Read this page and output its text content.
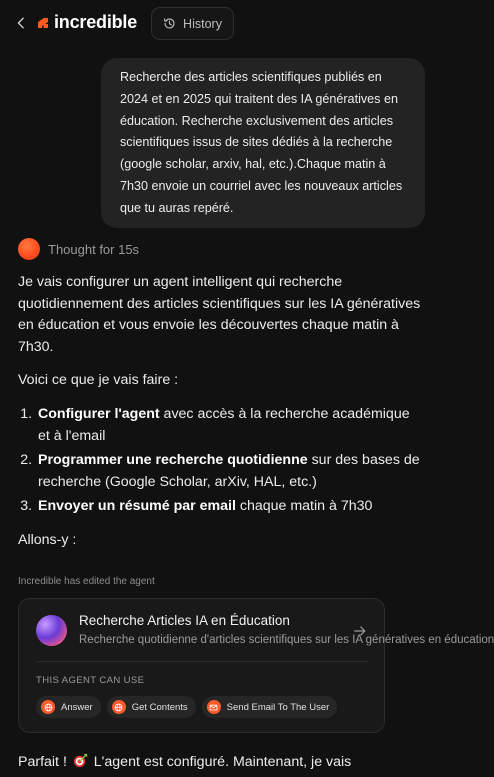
incredible	History
Recherche des articles scientifiques publiés en 2024 et en 2025 qui traitent des IA génératives en éducation. Recherche exclusivement des articles scientifiques issus de sites dédiés à la recherche (google scholar, arxiv, hal, etc.).Chaque matin à 7h30 envoie un courriel avec les nouveaux articles que tu auras repéré.
Thought for 15s

Je vais configurer un agent intelligent qui recherche quotidiennement des articles scientifiques sur les IA génératives en éducation et vous envoie les découvertes chaque matin à 7h30.

Voici ce que je vais faire :

1. Configurer l'agent avec accès à la recherche académique et à l'email
2. Programmer une recherche quotidienne sur des bases de recherche (Google Scholar, arXiv, HAL, etc.)
3. Envoyer un résumé par email chaque matin à 7h30

Allons-y :

Incredible has edited the agent
Recherche Articles IA en Éducation
Recherche quotidienne d'articles scientifiques sur les IA génératives en éducation
THIS AGENT CAN USE
Answer	Get Contents	Send Email To The User
Parfait ! L'agent est configuré. Maintenant, je vais
